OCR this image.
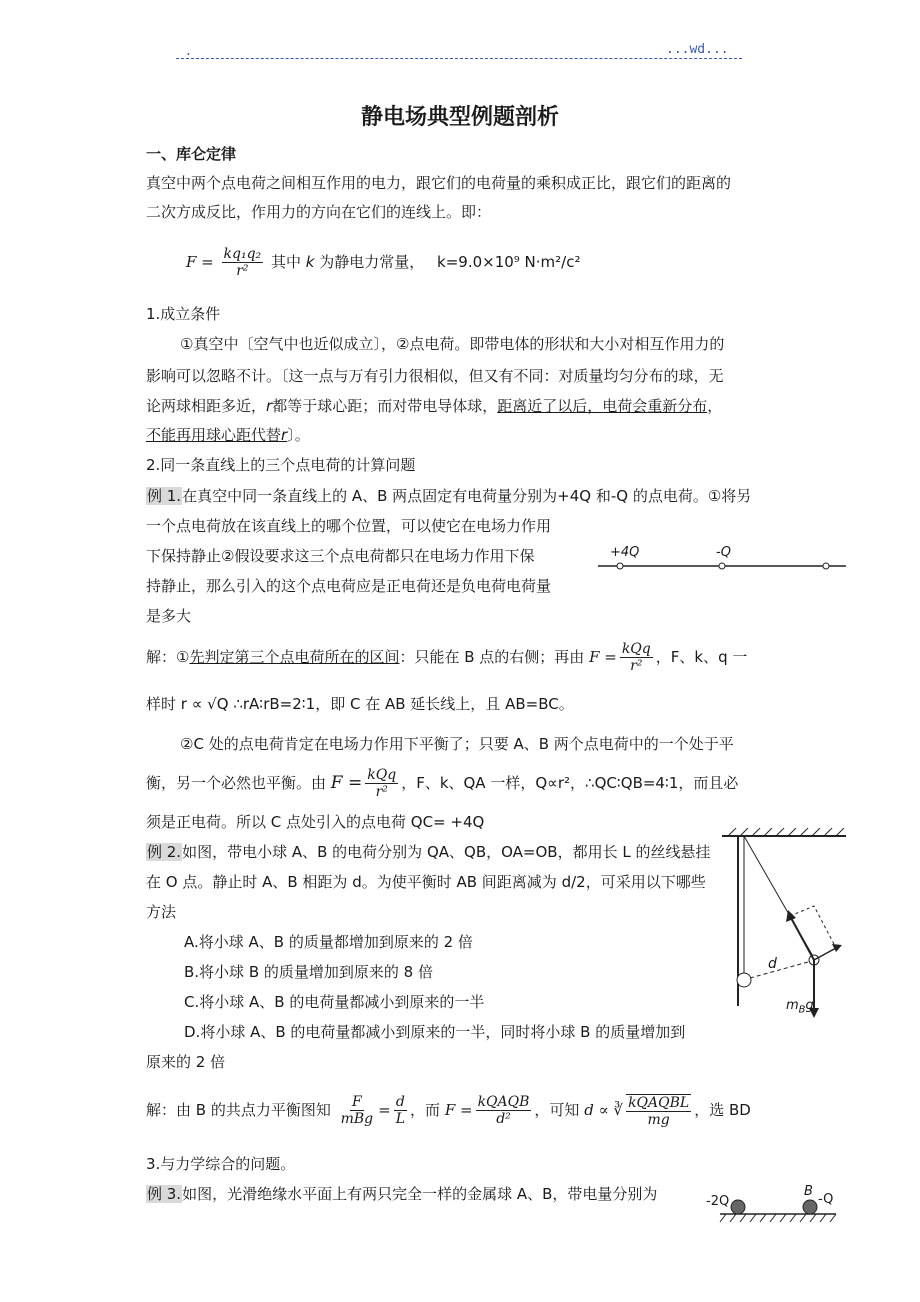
.	...wd...
静电场典型例题剖析
一、库仑定律
真空中两个点电荷之间相互作用的电力，跟它们的电荷量的乘积成正比，跟它们的距离的
二次方成反比，作用力的方向在它们的连线上。即：
$F = \frac{\text{kq₁q₂}}{\text{r²}}$ 其中 k 为静电力常量， k=9.0×10⁹ N·m²/c²
1.成立条件
①真空中〔空气中也近似成立〕，②点电荷。即带电体的形状和大小对相互作用力的
影响可以忽略不计。〔这一点与万有引力很相似，但又有不同：对质量均匀分布的球，无
论两球相距多近，r都等于球心距；而对带电导体球，距离近了以后，电荷会重新分布，
不能再用球心距代替r〕。
2.同一条直线上的三个点电荷的计算问题
例 1.在真空中同一条直线上的 A、B 两点固定有电荷量分别为+4Q 和-Q 的点电荷。①将另
一个点电荷放在该直线上的哪个位置，可以使它在电场力作用
下保持静止②假设要求这三个点电荷都只在电场力作用下保
持静止，那么引入的这个点电荷应是正电荷还是负电荷电荷量
是多大
+4Q	-Q
解：①先判定第三个点电荷所在的区间：只能在 B 点的右侧；再由 $F = \frac{\text{kQq}}{\text{r²}}$ ，F、k、q 一
样时 r ∝ √Q ∴rA∶rB=2∶1，即 C 在 AB 延长线上，且 AB=BC。
②C 处的点电荷肯定在电场力作用下平衡了；只要 A、B 两个点电荷中的一个处于平
衡，另一个必然也平衡。由 $F = \frac{\text{kQq}}{\text{r²}}$ ，F、k、QA 一样，Q∝r²，∴QC∶QB=4∶1，而且必
须是正电荷。所以 C 点处引入的点电荷 QC= +4Q
例 2.如图，带电小球 A、B 的电荷分别为 QA、QB，OA=OB，都用长 L 的丝线悬挂
在 O 点。静止时 A、B 相距为 d。为使平衡时 AB 间距离减为 d/2，可采用以下哪些
方法
A.将小球 A、B 的质量都增加到原来的 2 倍
B.将小球 B 的质量增加到原来的 8 倍
C.将小球 A、B 的电荷量都减小到原来的一半
D.将小球 A、B 的电荷量都减小到原来的一半，同时将小球 B 的质量增加到
原来的 2 倍
d
$m_Bg$
解：由 B 的共点力平衡图知 $\frac{F}{\text{mBg}} = \frac{d}{L}$ ，而 $F = \frac{\text{kQAQB}}{\text{d²}}$ ，可知 d ∝ ∛ $\frac{\text{kQAQBL}}{mg}$ ，选 BD
3.与力学综合的问题。
例 3.如图，光滑绝缘水平面上有两只完全一样的金属球 A、B，带电量分别为	-2Q
B
-Q
